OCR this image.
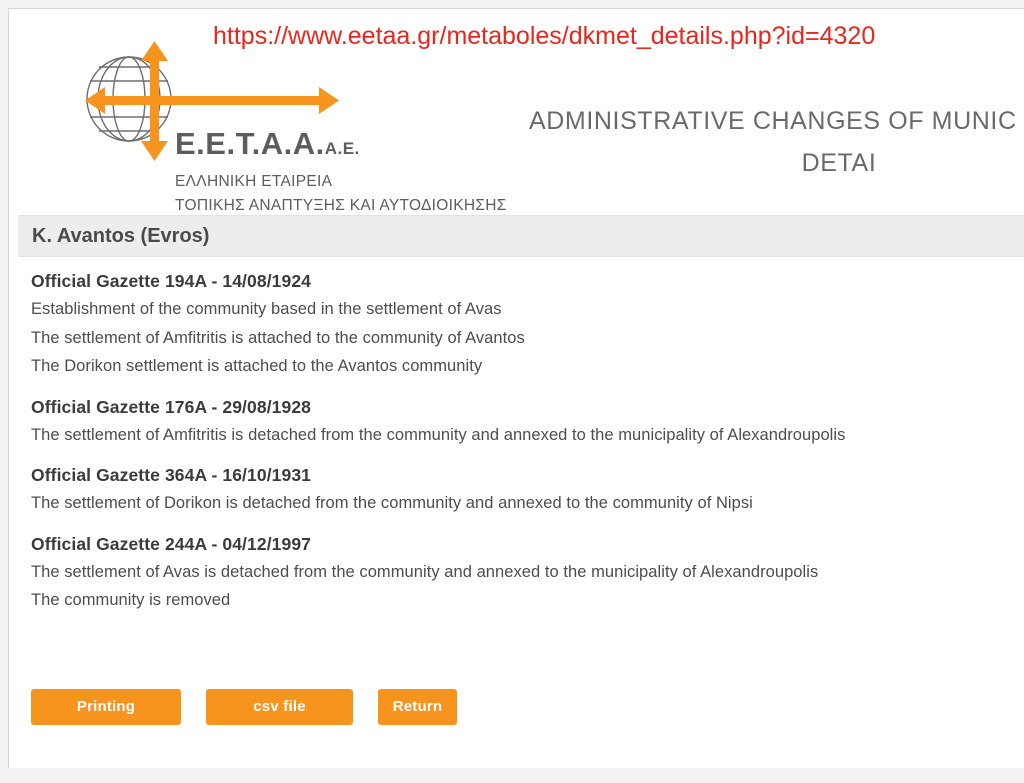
E.E.T.A.A.A.E.
ΕΛΛΗΝΙΚΗ ΕΤΑΙΡΕΙΑ
ΤΟΠΙΚΗΣ ΑΝΑΠΤΥΞΗΣ ΚΑΙ ΑΥΤΟΔΙΟΙΚΗΣΗΣ
ADMINISTRATIVE CHANGES OF MUNIC
DETAI
K. Avantos (Evros)
Official Gazette 194A - 14/08/1924
Establishment of the community based in the settlement of Avas
The settlement of Amfitritis is attached to the community of Avantos
The Dorikon settlement is attached to the Avantos community
Official Gazette 176A - 29/08/1928
The settlement of Amfitritis is detached from the community and annexed to the municipality of Alexandroupolis
Official Gazette 364A - 16/10/1931
The settlement of Dorikon is detached from the community and annexed to the community of Nipsi
Official Gazette 244A - 04/12/1997
The settlement of Avas is detached from the community and annexed to the municipality of Alexandroupolis
The community is removed
Printing	csv file	Return
https://www.eetaa.gr/metaboles/dkmet_details.php?id=4320
